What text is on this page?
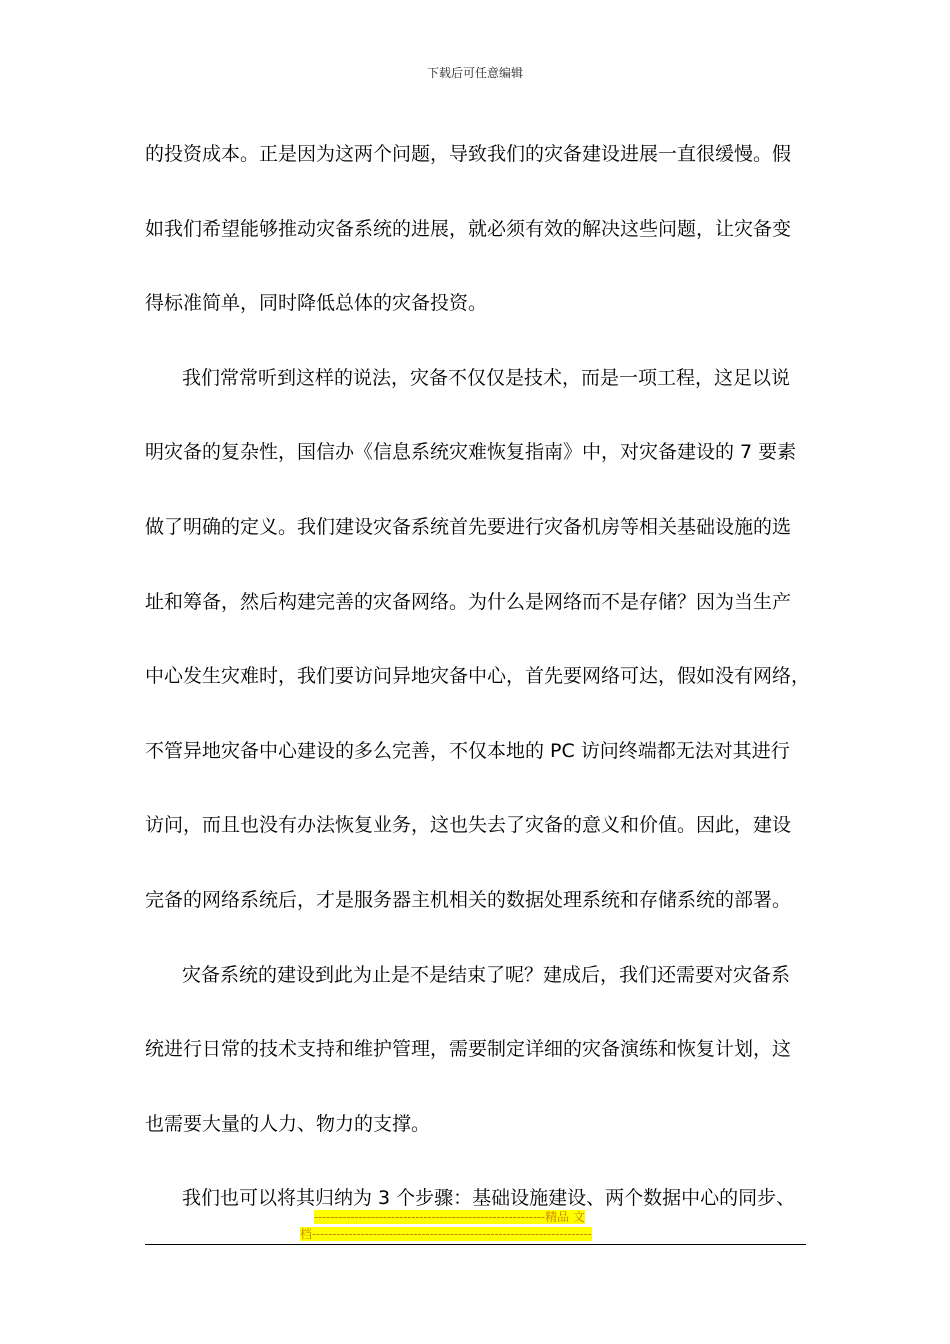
下载后可任意编辑

的投资成本。正是因为这两个问题，导致我们的灾备建设进展一直很缓慢。假

如我们希望能够推动灾备系统的进展，就必须有效的解决这些问题，让灾备变

得标准简单，同时降低总体的灾备投资。

我们常常听到这样的说法，灾备不仅仅是技术，而是一项工程，这足以说

明灾备的复杂性，国信办《信息系统灾难恢复指南》中，对灾备建设的 7 要素

做了明确的定义。我们建设灾备系统首先要进行灾备机房等相关基础设施的选

址和筹备，然后构建完善的灾备网络。为什么是网络而不是存储？因为当生产

中心发生灾难时，我们要访问异地灾备中心，首先要网络可达，假如没有网络，

不管异地灾备中心建设的多么完善，不仅本地的 PC 访问终端都无法对其进行

访问，而且也没有办法恢复业务，这也失去了灾备的意义和价值。因此，建设

完备的网络系统后，才是服务器主机相关的数据处理系统和存储系统的部署。

灾备系统的建设到此为止是不是结束了呢？建成后，我们还需要对灾备系

统进行日常的技术支持和维护管理，需要制定详细的灾备演练和恢复计划，这

也需要大量的人力、物力的支撑。

我们也可以将其归纳为 3 个步骤：基础设施建设、两个数据中心的同步、

---------------------------------------------------------精品 文
档---------------------------------------------------------------------
